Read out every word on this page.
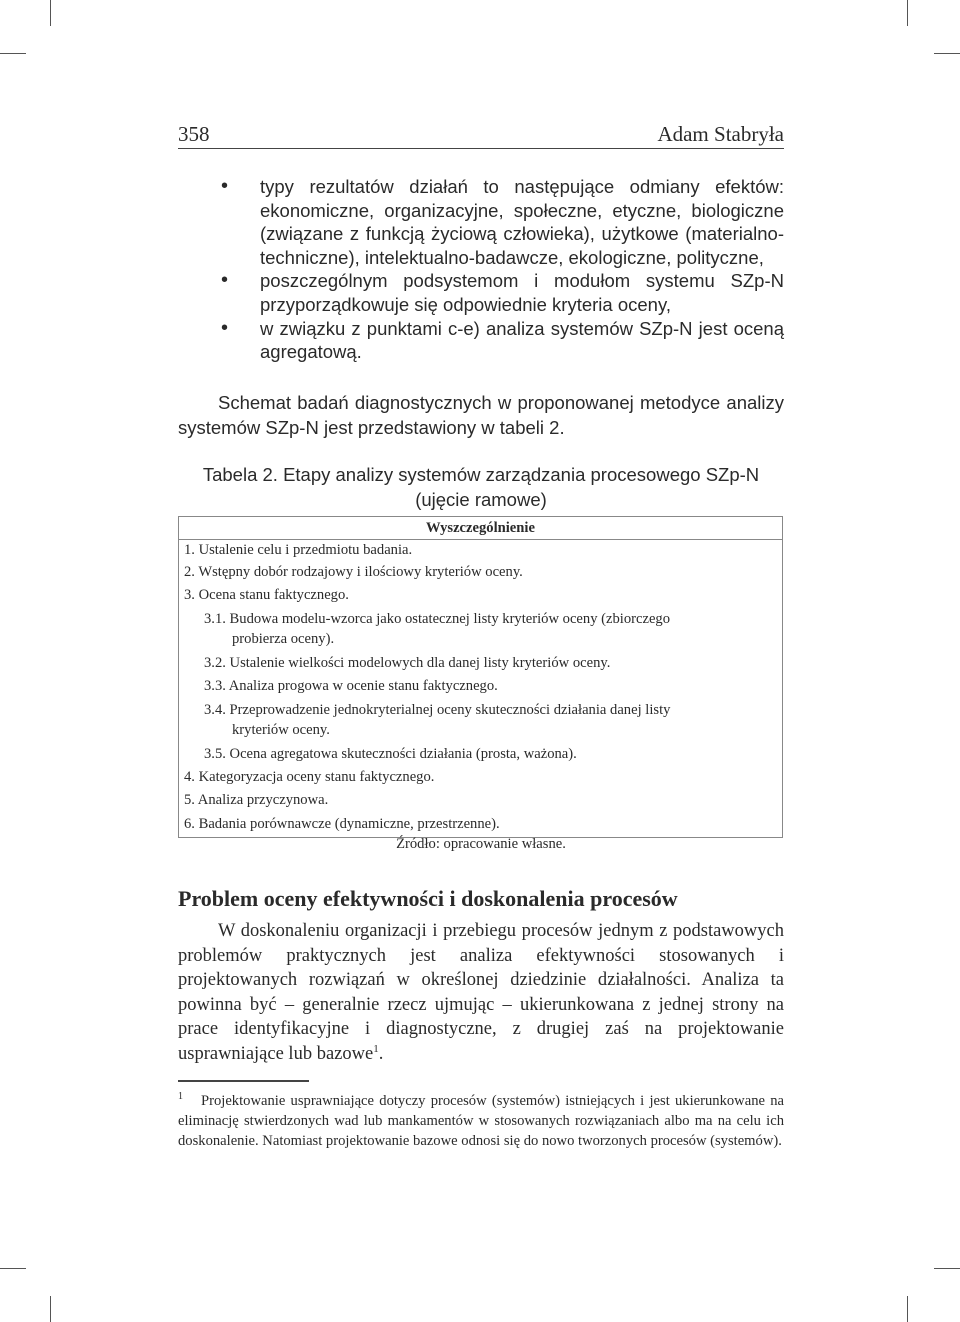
358	Adam Stabryła
• typy rezultatów działań to następujące odmiany efektów: ekonomiczne, organizacyjne, społeczne, etyczne, biologiczne (związane z funkcją życiową człowieka), użytkowe (materialno-techniczne), intelektualno-badawcze, ekologiczne, polityczne,
• poszczególnym podsystemom i modułom systemu SZp-N przyporządkowuje się odpowiednie kryteria oceny,
• w związku z punktami c-e) analiza systemów SZp-N jest oceną agregatową.
Schemat badań diagnostycznych w proponowanej metodyce analizy systemów SZp-N jest przedstawiony w tabeli 2.
Tabela 2. Etapy analizy systemów zarządzania procesowego SZp-N
(ujęcie ramowe)
Wyszczególnienie
1. Ustalenie celu i przedmiotu badania.
2. Wstępny dobór rodzajowy i ilościowy kryteriów oceny.
3. Ocena stanu faktycznego.

3.1. Budowa modelu-wzorca jako ostatecznej listy kryteriów oceny (zbiorczego
probierza oceny).

3.2. Ustalenie wielkości modelowych dla danej listy kryteriów oceny.

3.3. Analiza progowa w ocenie stanu faktycznego.

3.4. Przeprowadzenie jednokryterialnej oceny skuteczności działania danej listy
kryteriów oceny.

3.5. Ocena agregatowa skuteczności działania (prosta, ważona).

4. Kategoryzacja oceny stanu faktycznego.
5. Analiza przyczynowa.
6. Badania porównawcze (dynamiczne, przestrzenne).
Źródło: opracowanie własne.
Problem oceny efektywności i doskonalenia procesów
W doskonaleniu organizacji i przebiegu procesów jednym z podstawowych problemów praktycznych jest analiza efektywności stosowanych i projektowanych rozwiązań w określonej dziedzinie działalności. Analiza ta powinna być – generalnie rzecz ujmując – ukierunkowana z jednej strony na prace identyfikacyjne i diagnostyczne, z drugiej zaś na projektowanie usprawniające lub bazowe$^1$.
$^1$ Projektowanie usprawniające dotyczy procesów (systemów) istniejących i jest ukierunkowane na eliminację stwierdzonych wad lub mankamentów w stosowanych rozwiązaniach albo ma na celu ich doskonalenie. Natomiast projektowanie bazowe odnosi się do nowo tworzonych procesów (systemów).
